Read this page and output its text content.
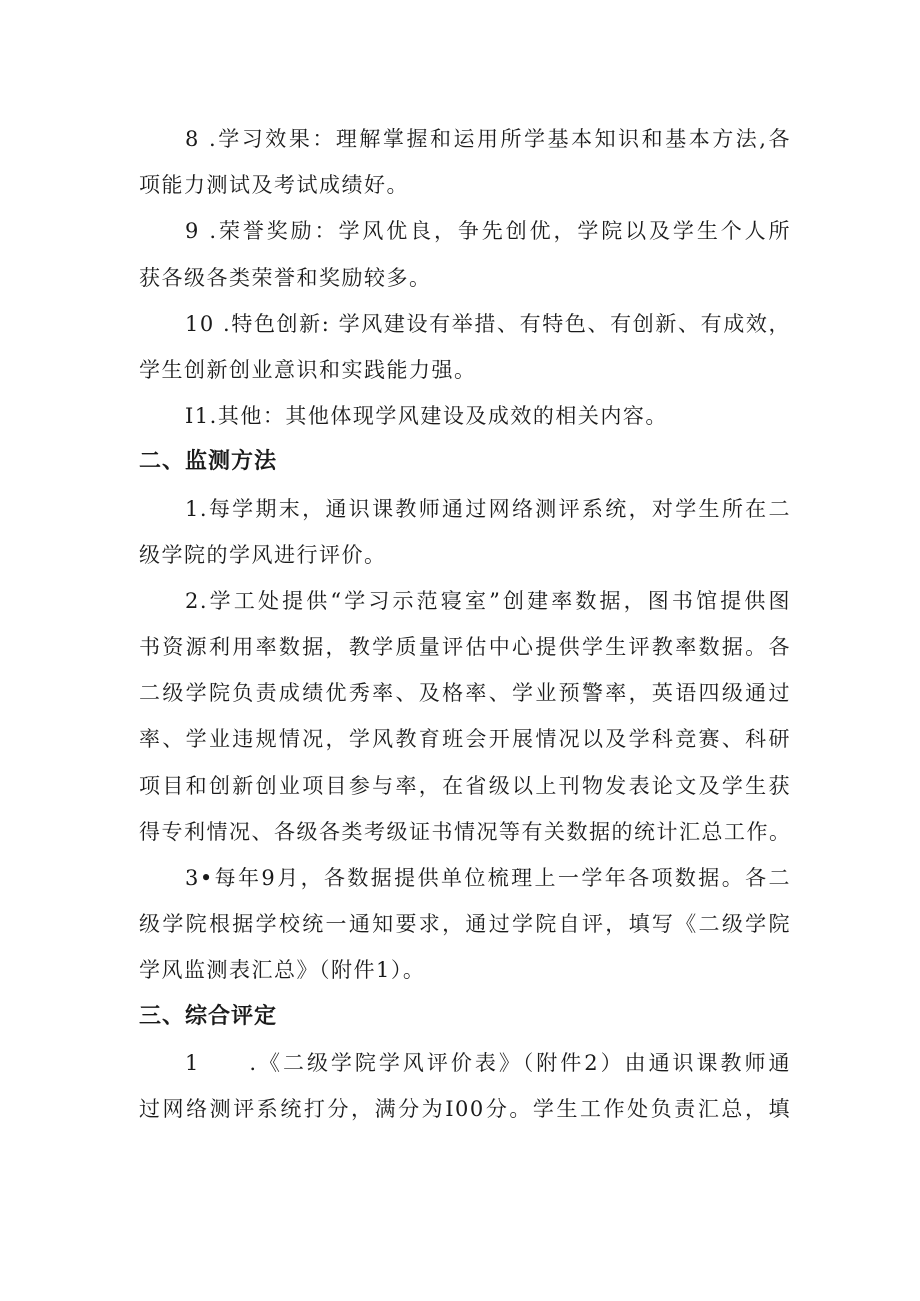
8 .学习效果：理解掌握和运用所学基本知识和基本方法,各
项能力测试及考试成绩好。
9 .荣誉奖励：学风优良，争先创优，学院以及学生个人所
获各级各类荣誉和奖励较多。
10 .特色创新: 学风建设有举措、有特色、有创新、有成效，
学生创新创业意识和实践能力强。
I1.其他：其他体现学风建设及成效的相关内容。
二、监测方法
1.每学期末，通识课教师通过网络测评系统，对学生所在二
级学院的学风进行评价。
2.学工处提供“学习示范寝室”创建率数据，图书馆提供图
书资源利用率数据，教学质量评估中心提供学生评教率数据。各
二级学院负责成绩优秀率、及格率、学业预警率，英语四级通过
率、学业违规情况，学风教育班会开展情况以及学科竞赛、科研
项目和创新创业项目参与率，在省级以上刊物发表论文及学生获
得专利情况、各级各类考级证书情况等有关数据的统计汇总工作。
3•每年9月，各数据提供单位梳理上一学年各项数据。各二
级学院根据学校统一通知要求，通过学院自评，填写《二级学院
学风监测表汇总》（附件1）。
三、综合评定
1　　.《二级学院学风评价表》（附件2）由通识课教师通
过网络测评系统打分，满分为I00分。学生工作处负责汇总，填
